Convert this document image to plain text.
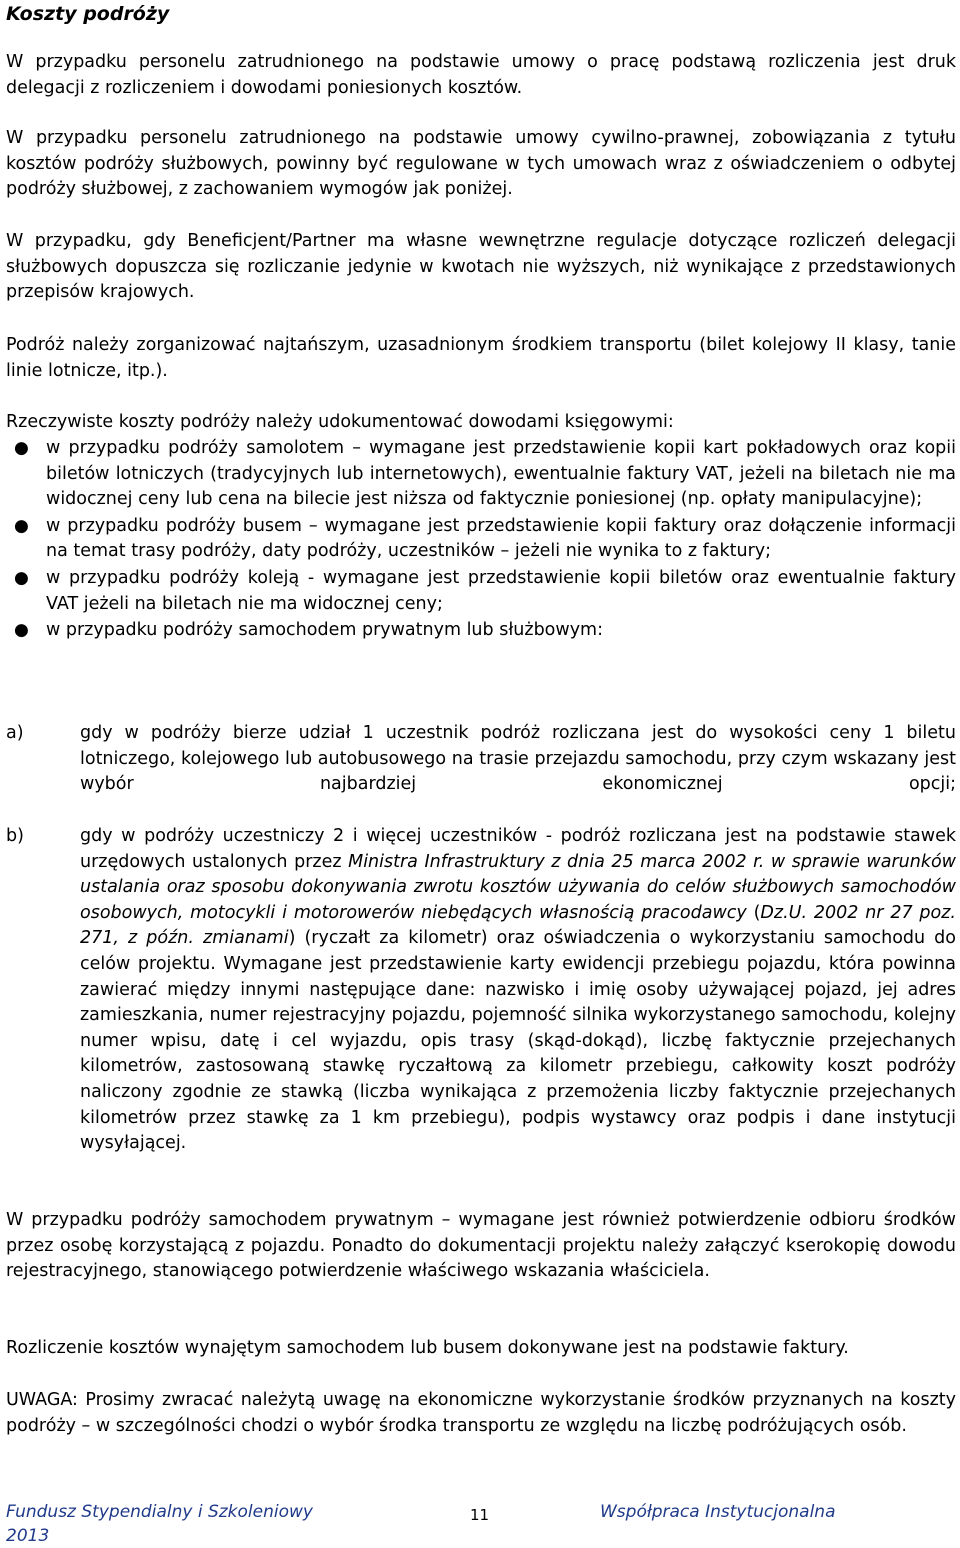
Koszty podróży

W przypadku personelu zatrudnionego na podstawie umowy o pracę podstawą rozliczenia jest druk delegacji z rozliczeniem i dowodami poniesionych kosztów.

W przypadku personelu zatrudnionego na podstawie umowy cywilno-prawnej, zobowiązania z tytułu kosztów podróży służbowych, powinny być regulowane w tych umowach wraz z oświadczeniem o odbytej podróży służbowej, z zachowaniem wymogów jak poniżej.

W przypadku, gdy Beneficjent/Partner ma własne wewnętrzne regulacje dotyczące rozliczeń delegacji służbowych dopuszcza się rozliczanie jedynie w kwotach nie wyższych, niż wynikające z przedstawionych przepisów krajowych.

Podróż należy zorganizować najtańszym, uzasadnionym środkiem transportu (bilet kolejowy II klasy, tanie linie lotnicze, itp.).

Rzeczywiste koszty podróży należy udokumentować dowodami księgowymi:

● w przypadku podróży samolotem – wymagane jest przedstawienie kopii kart pokładowych oraz kopii biletów lotniczych (tradycyjnych lub internetowych), ewentualnie faktury VAT, jeżeli na biletach nie ma widocznej ceny lub cena na bilecie jest niższa od faktycznie poniesionej (np. opłaty manipulacyjne);
● w przypadku podróży busem – wymagane jest przedstawienie kopii faktury oraz dołączenie informacji na temat trasy podróży, daty podróży, uczestników – jeżeli nie wynika to z faktury;
● w przypadku podróży koleją - wymagane jest przedstawienie kopii biletów oraz ewentualnie faktury VAT jeżeli na biletach nie ma widocznej ceny;
● w przypadku podróży samochodem prywatnym lub służbowym:
a)	gdy w podróży bierze udział 1 uczestnik podróż rozliczana jest do wysokości ceny 1 biletu lotniczego, kolejowego lub autobusowego na trasie przejazdu samochodu, przy czym wskazany jest wybór najbardziej ekonomicznej opcji;
b)	gdy w podróży uczestniczy 2 i więcej uczestników - podróż rozliczana jest na podstawie stawek urzędowych ustalonych przez Ministra Infrastruktury z dnia 25 marca 2002 r. w sprawie warunków ustalania oraz sposobu dokonywania zwrotu kosztów używania do celów służbowych samochodów osobowych, motocykli i motorowerów niebędących własnością pracodawcy (Dz.U. 2002 nr 27 poz. 271, z późn. zmianami) (ryczałt za kilometr) oraz oświadczenia o wykorzystaniu samochodu do celów projektu. Wymagane jest przedstawienie karty ewidencji przebiegu pojazdu, która powinna zawierać między innymi następujące dane: nazwisko i imię osoby używającej pojazd, jej adres zamieszkania, numer rejestracyjny pojazdu, pojemność silnika wykorzystanego samochodu, kolejny numer wpisu, datę i cel wyjazdu, opis trasy (skąd-dokąd), liczbę faktycznie przejechanych kilometrów, zastosowaną stawkę ryczałtową za kilometr przebiegu, całkowity koszt podróży naliczony zgodnie ze stawką (liczba wynikająca z przemożenia liczby faktycznie przejechanych kilometrów przez stawkę za 1 km przebiegu), podpis wystawcy oraz podpis i dane instytucji wysyłającej.

W przypadku podróży samochodem prywatnym – wymagane jest również potwierdzenie odbioru środków przez osobę korzystającą z pojazdu. Ponadto do dokumentacji projektu należy załączyć kserokopię dowodu rejestracyjnego, stanowiącego potwierdzenie właściwego wskazania właściciela.

Rozliczenie kosztów wynajętym samochodem lub busem dokonywane jest na podstawie faktury.

UWAGA: Prosimy zwracać należytą uwagę na ekonomiczne wykorzystanie środków przyznanych na koszty podróży – w szczególności chodzi o wybór środka transportu ze względu na liczbę podróżujących osób.

Fundusz Stypendialny i Szkoleniowy 2013
11	Współpraca Instytucjonalna
